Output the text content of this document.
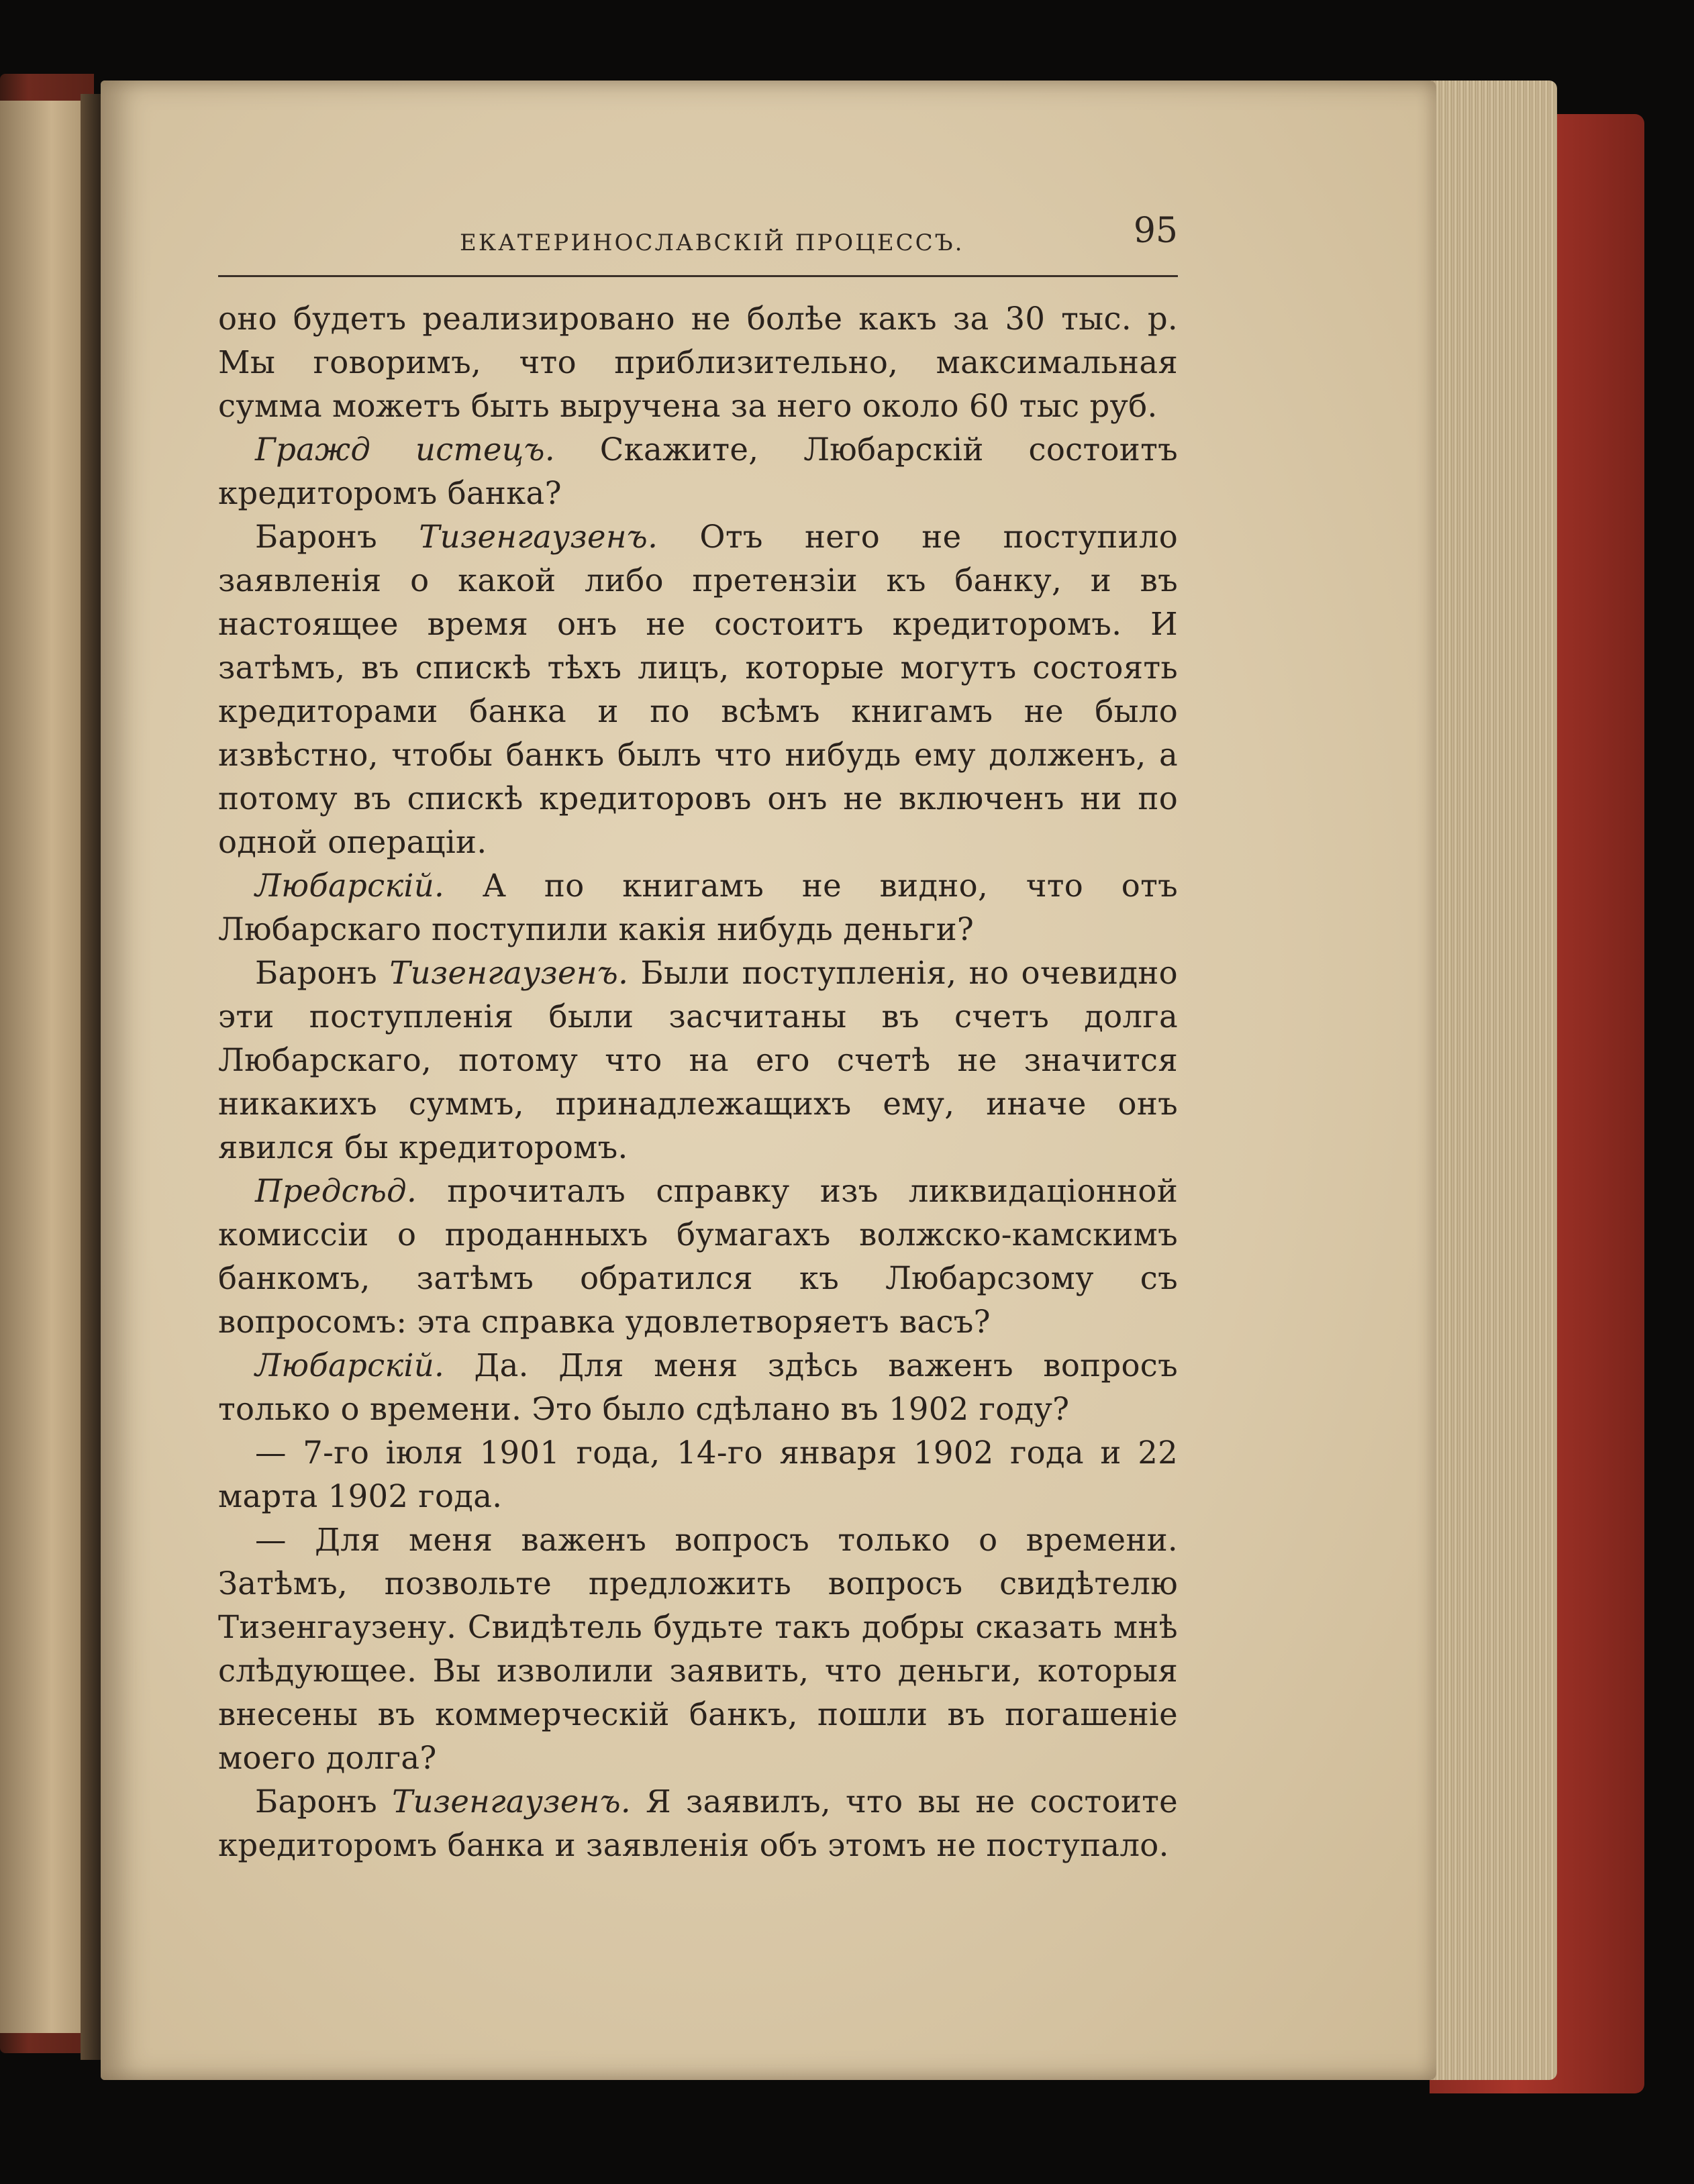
ЕКАТЕРИНОСЛАВСКІЙ ПРОЦЕССЪ.	95

оно будетъ реализировано не болѣе какъ за 30 тыс. р. Мы говоримъ, что приблизительно, максимальная сумма можетъ быть выручена за него около 60 тыс руб.

Гражд истецъ. Скажите, Любарскій состоитъ кредиторомъ банка?

Баронъ Тизенгаузенъ. Отъ него не поступило заявленія о какой либо претензіи къ банку, и въ настоящее время онъ не состоитъ кредиторомъ. И затѣмъ, въ спискѣ тѣхъ лицъ, которые могутъ состоять кредиторами банка и по всѣмъ книгамъ не было извѣстно, чтобы банкъ былъ что нибудь ему долженъ, а потому въ спискѣ кредиторовъ онъ не включенъ ни по одной операціи.

Любарскій. А по книгамъ не видно, что отъ Любарскаго поступили какія нибудь деньги?

Баронъ Тизенгаузенъ. Были поступленія, но очевидно эти поступленія были засчитаны въ счетъ долга Любарскаго, потому что на его счетѣ не значится никакихъ суммъ, принадлежащихъ ему, иначе онъ явился бы кредиторомъ.

Предсѣд. прочиталъ справку изъ ликвидаціонной комиссіи о проданныхъ бумагахъ волжско-камскимъ банкомъ, затѣмъ обратился къ Любарсзому съ вопросомъ: эта справка удовлетворяетъ васъ?

Любарскій. Да. Для меня здѣсь важенъ вопросъ только о времени. Это было сдѣлано въ 1902 году?

— 7-го іюля 1901 года, 14-го января 1902 года и 22 марта 1902 года.

— Для меня важенъ вопросъ только о времени. Затѣмъ, позвольте предложить вопросъ свидѣтелю Тизенгаузену. Свидѣтель будьте такъ добры сказать мнѣ слѣдующее. Вы изволили заявить, что деньги, которыя внесены въ коммерческій банкъ, пошли въ погашеніе моего долга?

Баронъ Тизенгаузенъ. Я заявилъ, что вы не состоите кредиторомъ банка и заявленія объ этомъ не поступало.
